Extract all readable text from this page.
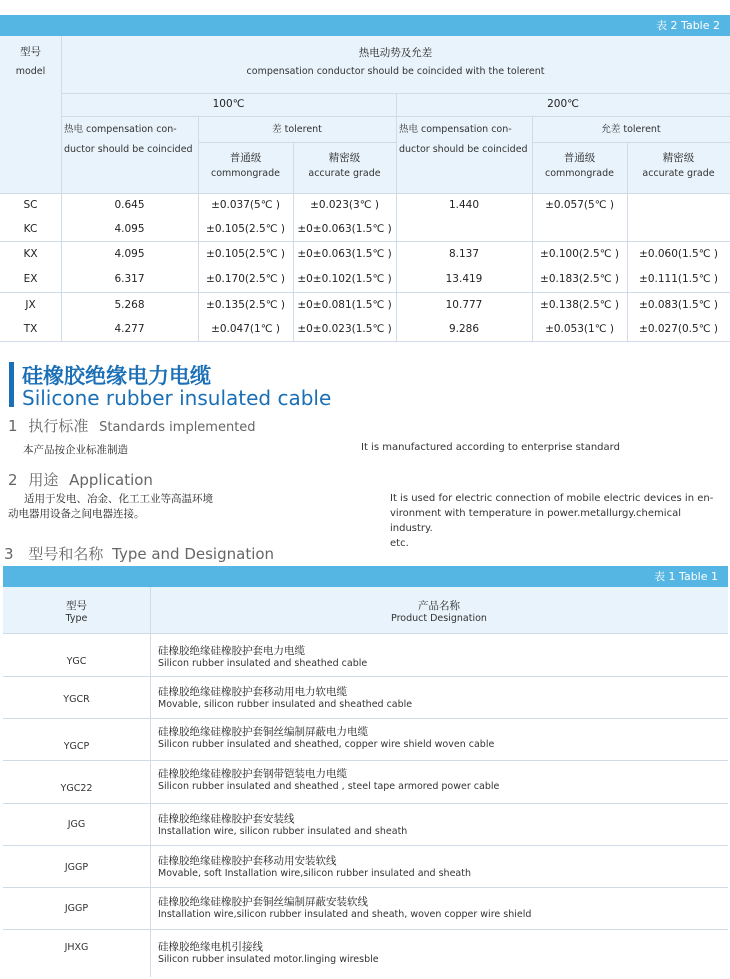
表 2 Table 2
型号
model
热电动势及允差
compensation conductor should be coincided with the tolerent
100℃	200℃
热电 compensation con-
ductor should be coincided
热电 compensation con-
ductor should be coincided
差 tolerent	允差 tolerent
普通级
commongrade
精密级
accurate grade
普通级
commongrade
精密级
accurate grade
SC	0.645	±0.037(5℃ )	±0.023(3℃ )	1.440	±0.057(5℃ )
KC	4.095	±0.105(2.5℃ )	±0±0.063(1.5℃ )
KX	4.095	±0.105(2.5℃ )	±0±0.063(1.5℃ )	8.137	±0.100(2.5℃ )	±0.060(1.5℃ )
EX	6.317	±0.170(2.5℃ )	±0±0.102(1.5℃ )	13.419	±0.183(2.5℃ )	±0.111(1.5℃ )
JX	5.268	±0.135(2.5℃ )	±0±0.081(1.5℃ )	10.777	±0.138(2.5℃ )	±0.083(1.5℃ )
TX	4.277	±0.047(1℃ )	±0±0.023(1.5℃ )	9.286	±0.053(1℃ )	±0.027(0.5℃ )
硅橡胶绝缘电力电缆
Silicone rubber insulated cable
1 执行标准 Standards implemented
本产品按企业标准制造	It is manufactured according to enterprise standard
2 用途 Application
适用于发电、冶金、化工工业等高温环境
动电器用设备之间电器连接。
It is used for electric connection of mobile electric devices in en-
vironment with temperature in power.metallurgy.chemical industry.
etc.
3 型号和名称 Type and Designation
表 1 Table 1
型号
Type
产品名称
Product Designation
YGC
硅橡胶绝缘硅橡胶护套电力电缆
Silicon rubber insulated and sheathed cable
YGCR
硅橡胶绝缘硅橡胶护套移动用电力软电缆
Movable, silicon rubber insulated and sheathed cable
YGCP
硅橡胶绝缘硅橡胶护套铜丝编制屏蔽电力电缆
Silicon rubber insulated and sheathed, copper wire shield woven cable
YGC22
硅橡胶绝缘硅橡胶护套钢带铠装电力电缆
Silicon rubber insulated and sheathed , steel tape armored power cable
JGG	硅橡胶绝缘硅橡胶护套安装线
Installation wire, silicon rubber insulated and sheath
JGGP
硅橡胶绝缘硅橡胶护套移动用安装软线
Movable, soft Installation wire,silicon rubber insulated and sheath
JGGP
硅橡胶绝缘硅橡胶护套铜丝编制屏蔽安装软线
Installation wire,silicon rubber insulated and sheath, woven copper wire shield
JHXG	硅橡胶绝缘电机引接线
Silicon rubber insulated motor.linging wiresble
